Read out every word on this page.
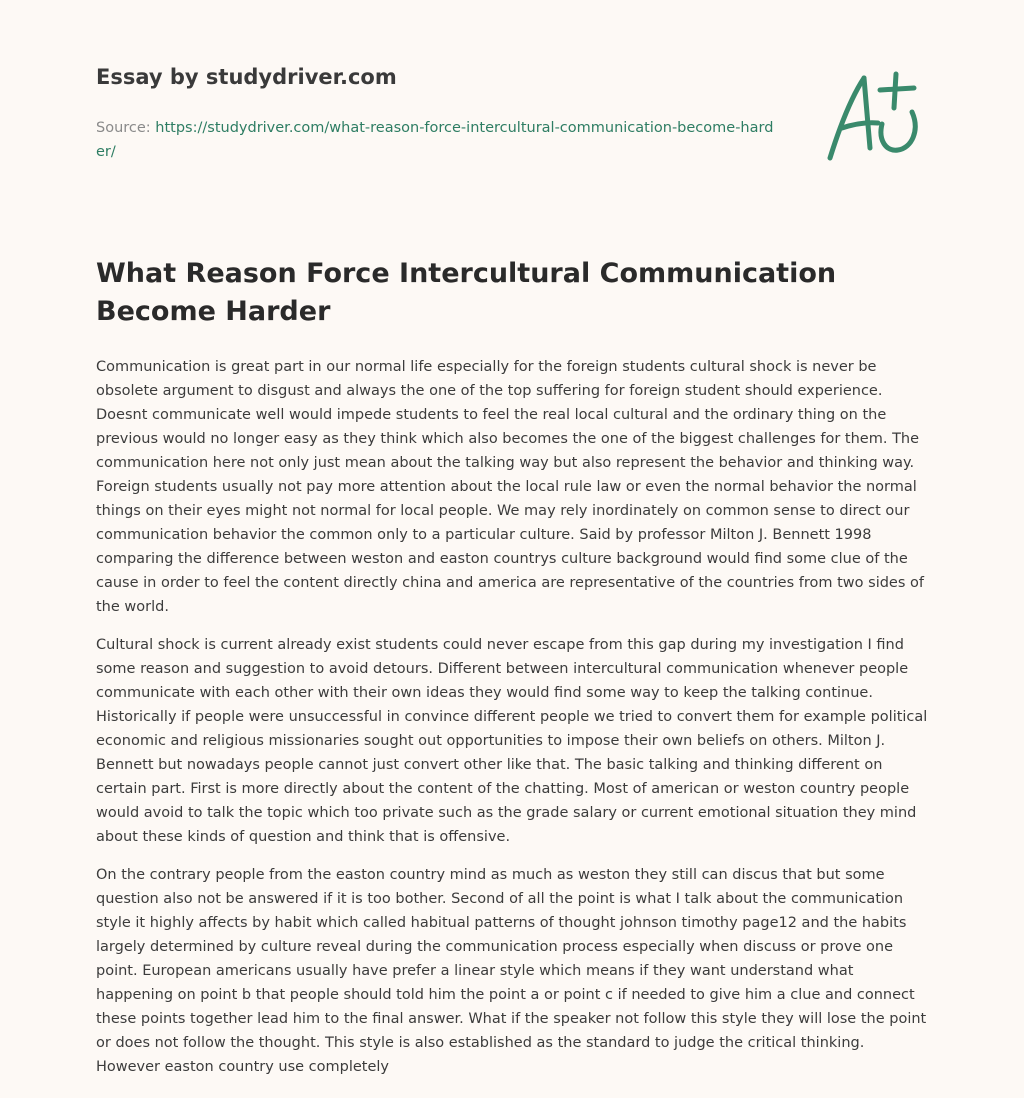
Essay by studydriver.com
Source: https://studydriver.com/what-reason-force-intercultural-communication-become-harder/
What Reason Force Intercultural Communication Become Harder

Communication is great part in our normal life especially for the foreign students cultural shock is never be obsolete argument to disgust and always the one of the top suffering for foreign student should experience. Doesnt communicate well would impede students to feel the real local cultural and the ordinary thing on the previous would no longer easy as they think which also becomes the one of the biggest challenges for them. The communication here not only just mean about the talking way but also represent the behavior and thinking way. Foreign students usually not pay more attention about the local rule law or even the normal behavior the normal things on their eyes might not normal for local people. We may rely inordinately on common sense to direct our communication behavior the common only to a particular culture. Said by professor Milton J. Bennett 1998 comparing the difference between weston and easton countrys culture background would find some clue of the cause in order to feel the content directly china and america are representative of the countries from two sides of the world.

Cultural shock is current already exist students could never escape from this gap during my investigation I find some reason and suggestion to avoid detours. Different between intercultural communication whenever people communicate with each other with their own ideas they would find some way to keep the talking continue. Historically if people were unsuccessful in convince different people we tried to convert them for example political economic and religious missionaries sought out opportunities to impose their own beliefs on others. Milton J. Bennett but nowadays people cannot just convert other like that. The basic talking and thinking different on certain part. First is more directly about the content of the chatting. Most of american or weston country people would avoid to talk the topic which too private such as the grade salary or current emotional situation they mind about these kinds of question and think that is offensive.

On the contrary people from the easton country mind as much as weston they still can discus that but some question also not be answered if it is too bother. Second of all the point is what I talk about the communication style it highly affects by habit which called habitual patterns of thought johnson timothy page12 and the habits largely determined by culture reveal during the communication process especially when discuss or prove one point. European americans usually have prefer a linear style which means if they want understand what happening on point b that people should told him the point a or point c if needed to give him a clue and connect these points together lead him to the final answer. What if the speaker not follow this style they will lose the point or does not follow the thought. This style is also established as the standard to judge the critical thinking. However easton country use completely
